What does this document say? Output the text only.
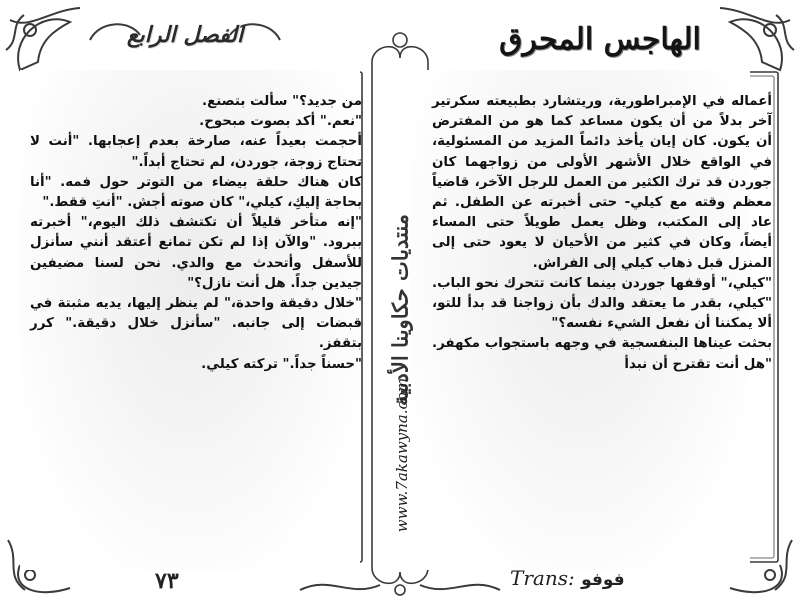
الهاجس المحرق

أعماله في الإمبراطورية، وريتشارد بطبيعته سكرتير آخر بدلاً من أن يكون مساعد كما هو من المفترض أن يكون. كان إيان يأخذ دائماً المزيد من المسئولية، في الواقع خلال الأشهر الأولى من زواجهما كان جوردن قد ترك الكثير من العمل للرجل الآخر، قاضياً معظم وقته مع كيلي- حتى أخبرته عن الطفل. ثم عاد إلى المكتب، وظل يعمل طويلاً حتى المساء أيضاً، وكان في كثير من الأحيان لا يعود حتى إلى المنزل قبل ذهاب كيلي إلى الفراش.

"كيلي،" أوقفها جوردن بينما كانت تتحرك نحو الباب. "كيلي، بقدر ما يعتقد والدك بأن زواجنا قد بدأ للتو، ألا يمكننا أن نفعل الشيء نفسه؟"

بحثت عيناها البنفسجية في وجهه باستجواب مكهفر. "هل أنت تقترح أن نبدأ

الفصل الرابع

من جديد؟" سألت بتصنع.

"نعم." أكد بصوت مبحوح.

أحجمت بعيداً عنه، صارخة بعدم إعجابها. "أنت لا تحتاج زوجة، جوردن، لم تحتاج أبداً."

كان هناك حلقة بيضاء من التوتر حول فمه. "أنا بحاجة إليكِ، كيلي،" كان صوته أجش. "أنتِ فقط."

"إنه متأخر قليلاً أن تكتشف ذلك اليوم،" أخبرته ببرود. "والآن إذا لم تكن تمانع أعتقد أنني سأنزل للأسفل وأتحدث مع والدي. نحن لسنا مضيفين جيدين جداً. هل أنت نازل؟"

"خلال دقيقة واحدة،" لم ينظر إليها، يديه مثبتة في قبضات إلى جانبه. "سأنزل خلال دقيقة." كرر بتقفز.

"حسناً جداً." تركته كيلي. منتديات حكاوينا الأدبية
www.7akawyna.com
٧٣	Trans: فوفو
